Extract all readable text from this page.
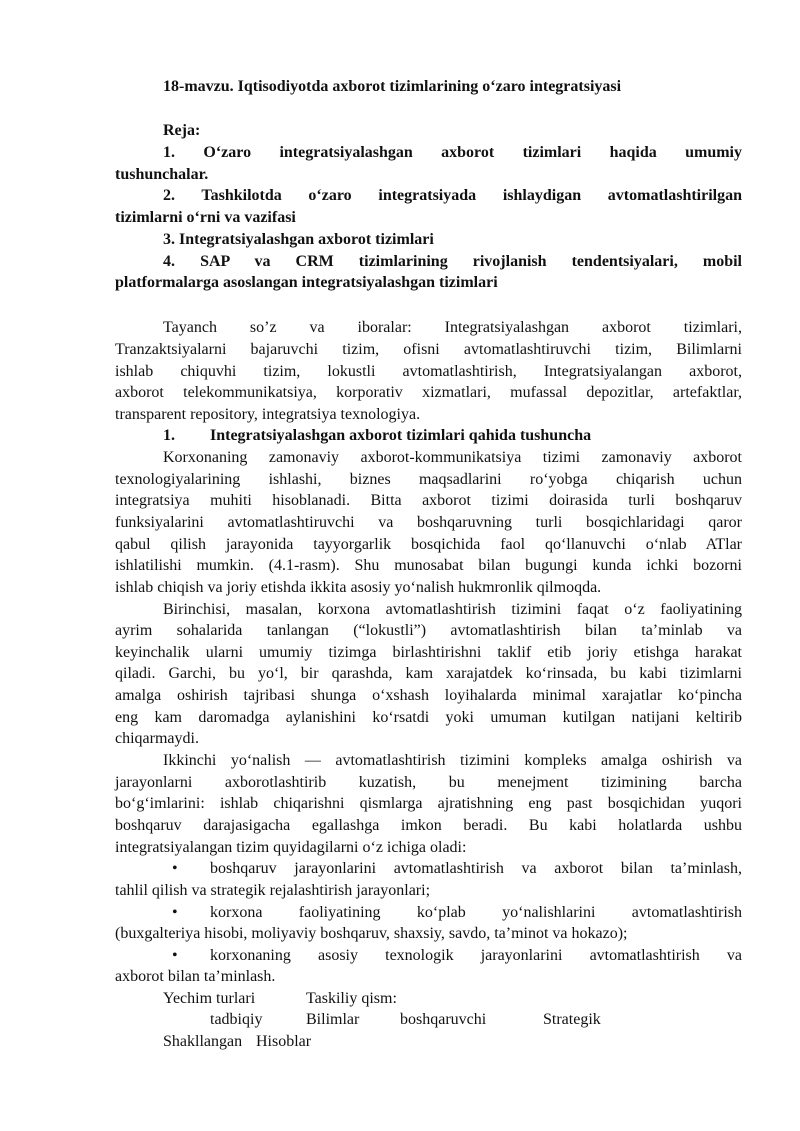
18-mavzu. Iqtisodiyotda axborot tizimlarining o‘zaro integratsiyasi
Reja:
1. O‘zaro integratsiyalashgan axborot tizimlari haqida umumiy
tushunchalar.
2. Tashkilotda o‘zaro integratsiyada ishlaydigan avtomatlashtirilgan
tizimlarni o‘rni va vazifasi
3. Integratsiyalashgan axborot tizimlari
4. SAP va CRM tizimlarining rivojlanish tendentsiyalari, mobil
platformalarga asoslangan integratsiyalashgan tizimlari
Tayanch so’z va iboralar: Integratsiyalashgan axborot tizimlari,
Tranzaktsiyalarni bajaruvchi tizim, ofisni avtomatlashtiruvchi tizim, Bilimlarni
ishlab chiquvhi tizim, lokustli avtomatlashtirish, Integratsiyalangan axborot,
axborot telekommunikatsiya, korporativ xizmatlari, mufassal depozitlar, artefaktlar,
transparent repository, integratsiya texnologiya.
1. Integratsiyalashgan axborot tizimlari qahida tushuncha
Korxonaning zamonaviy axborot-kommunikatsiya tizimi zamonaviy axborot
texnologiyalarining ishlashi, biznes maqsadlarini ro‘yobga chiqarish uchun
integratsiya muhiti hisoblanadi. Bitta axborot tizimi doirasida turli boshqaruv
funksiyalarini avtomatlashtiruvchi va boshqaruvning turli bosqichlaridagi qaror
qabul qilish jarayonida tayyorgarlik bosqichida faol qo‘llanuvchi o‘nlab ATlar
ishlatilishi mumkin. (4.1-rasm). Shu munosabat bilan bugungi kunda ichki bozorni
ishlab chiqish va joriy etishda ikkita asosiy yo‘nalish hukmronlik qilmoqda.
Birinchisi, masalan, korxona avtomatlashtirish tizimini faqat o‘z faoliyatining
ayrim sohalarida tanlangan (“lokustli”) avtomatlashtirish bilan ta’minlab va
keyinchalik ularni umumiy tizimga birlashtirishni taklif etib joriy etishga harakat
qiladi. Garchi, bu yo‘l, bir qarashda, kam xarajatdek ko‘rinsada, bu kabi tizimlarni
amalga oshirish tajribasi shunga o‘xshash loyihalarda minimal xarajatlar ko‘pincha
eng kam daromadga aylanishini ko‘rsatdi yoki umuman kutilgan natijani keltirib
chiqarmaydi.
Ikkinchi yo‘nalish — avtomatlashtirish tizimini kompleks amalga oshirish va
jarayonlarni axborotlashtirib kuzatish, bu menejment tizimining barcha
bo‘g‘imlarini: ishlab chiqarishni qismlarga ajratishning eng past bosqichidan yuqori
boshqaruv darajasigacha egallashga imkon beradi. Bu kabi holatlarda ushbu
integratsiyalangan tizim quyidagilarni o‘z ichiga oladi:
• boshqaruv jarayonlarini avtomatlashtirish va axborot bilan ta’minlash,
tahlil qilish va strategik rejalashtirish jarayonlari;
• korxona faoliyatining ko‘plab yo‘nalishlarini avtomatlashtirish
(buxgalteriya hisobi, moliyaviy boshqaruv, shaxsiy, savdo, ta’minot va hokazo);
• korxonaning asosiy texnologik jarayonlarini avtomatlashtirish va
axborot bilan ta’minlash.
Yechim turlari	Taskiliy qism:
tadbiqiy	Bilimlar	boshqaruvchi	Strategik
Shakllangan Hisoblar
